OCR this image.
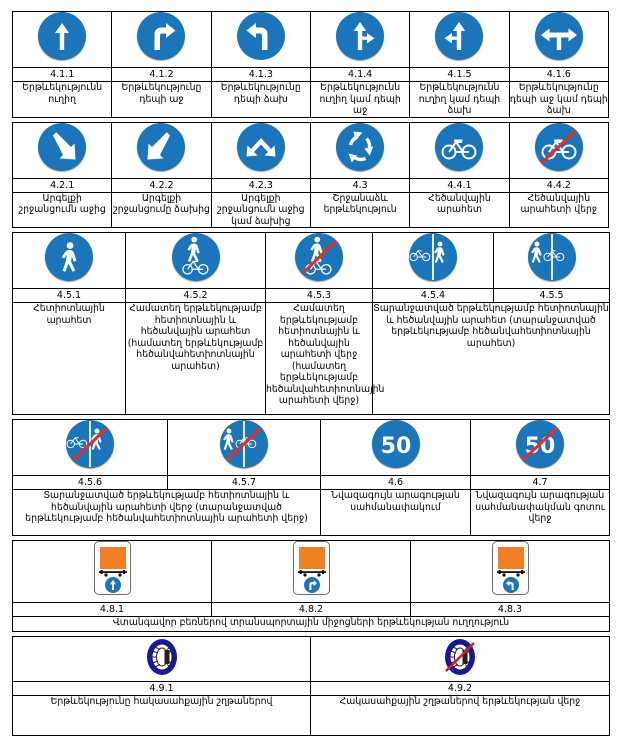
4.1.1	4.1.2	4.1.3	4.1.4	4.1.5	4.1.6
Երթևեկությունն ուղիղ	Երթևեկությունը դեպի աջ	Երթևեկությունը դեպի ձախ	Երթևեկությունն ուղիղ կամ դեպի աջ	Երթևեկությունն ուղիղ կամ դեպի ձախ	Երթևեկությունը դեպի աջ կամ դեպի ձախ

4.2.1	4.2.2	4.2.3	4.3	4.4.1	4.4.2
Արգելքի շրջանցումն աջից	Արգելքի շրջանցումը ձախից	Արգելքի շրջանցումն աջից կամ ձախից	Շրջանաձև երթևեկություն	Հեծանվային արահետ	Հեծանվային արահետի վերջ

4.5.1	4.5.2	4.5.3	4.5.4	4.5.5
Հետիոտնային արահետ	Համատեղ երթևեկությամբ հետիոտնային և հեծանվային արահետ (համատեղ երթևեկությամբ հեծանվահետիոտնային արահետ)	Համատեղ երթևեկությամբ հետիոտնային և հեծանվային արահետի վերջ (համատեղ երթևեկությամբ հեծանվահետիոտնային արահետի վերջ)	Տարանջատված երթևեկությամբ հետիոտնային և հեծանվային արահետ (տարանջատված երթևեկությամբ հեծանվահետիոտնային արահետ)	

50	50

4.5.6	4.5.7	4.6	4.7
Տարանջատված երթևեկությամբ հետիոտնային և հեծանվային արահետի վերջ (տարանջատված երթևեկությամբ հեծանվահետիոտնային արահետի վերջ)		Նվազագույն արագության սահմանափակում	Նվազագույն արագության սահմանափակման գոտու վերջ

4.8.1	4.8.2	4.8.3
Վտանգավոր բեռներով տրանսպորտային միջոցների երթևեկության ուղղություն		

4.9.1	4.9.2
Երթևեկությունը հակասահքային շղթաներով	Հակասահքային շղթաներով երթևեկության վերջ
